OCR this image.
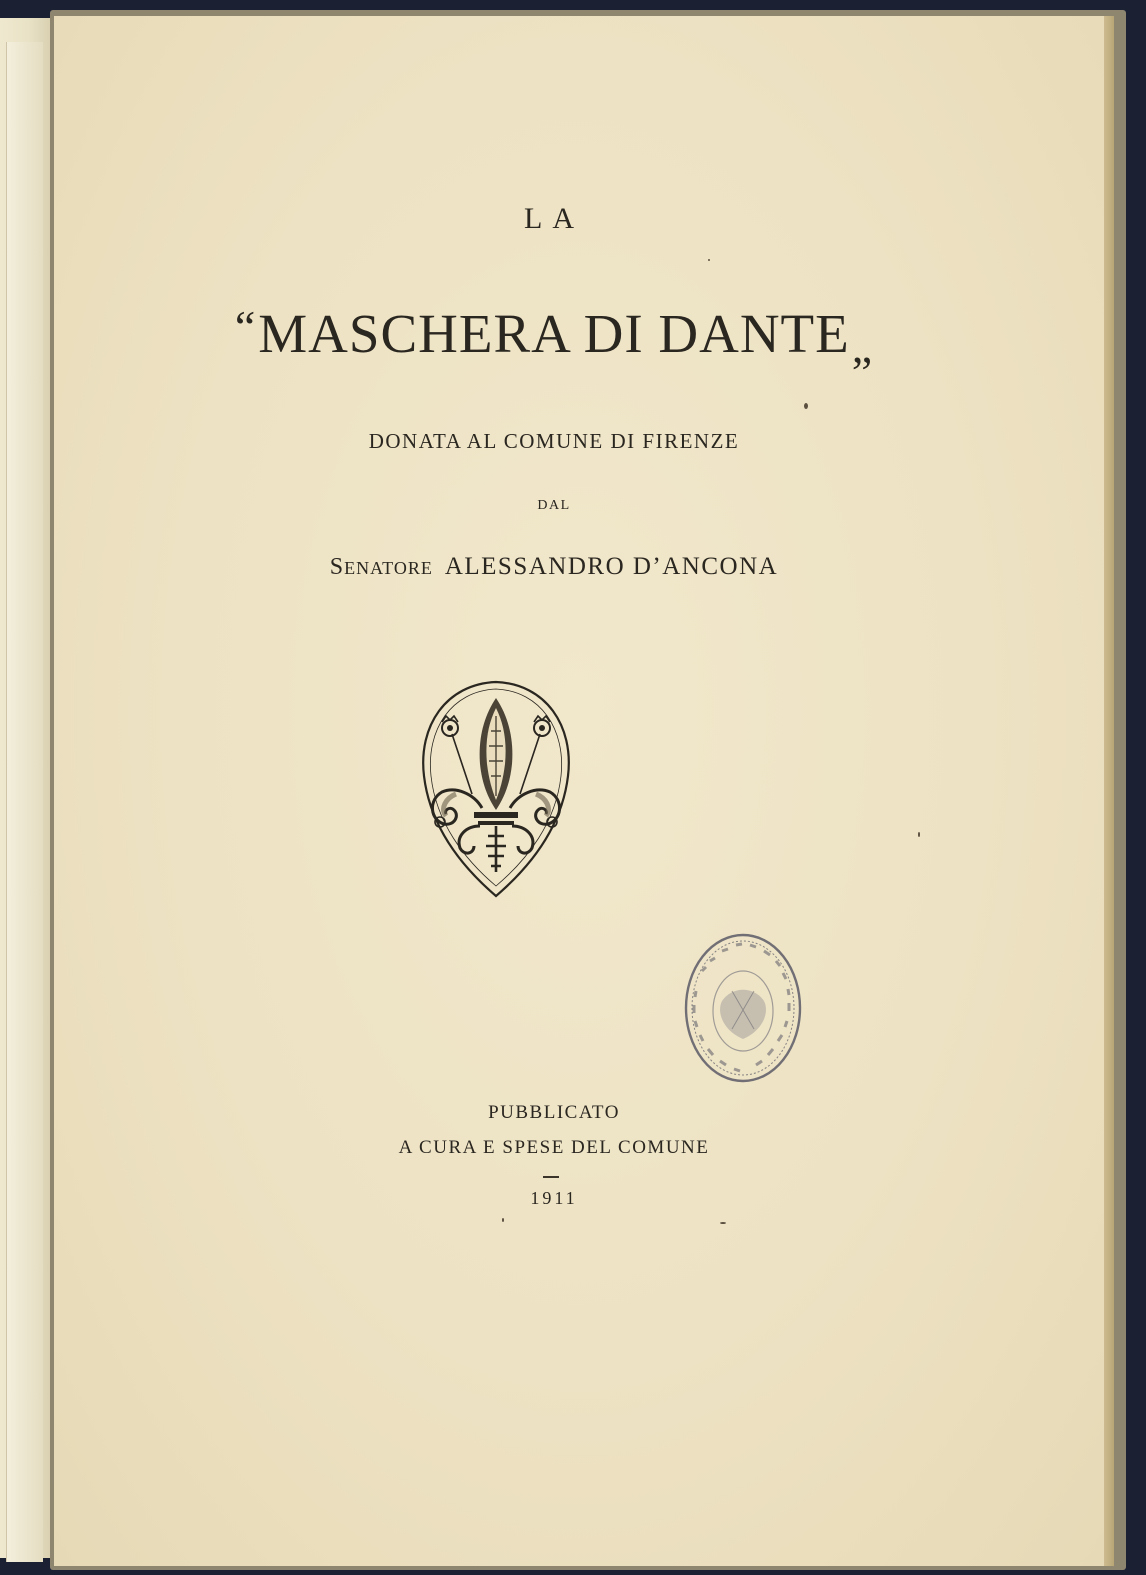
LA
“MASCHERA DI DANTE„
DONATA AL COMUNE DI FIRENZE
DAL
SENATORE ALESSANDRO D’ANCONA
PUBBLICATO
A CURA E SPESE DEL COMUNE
1911
